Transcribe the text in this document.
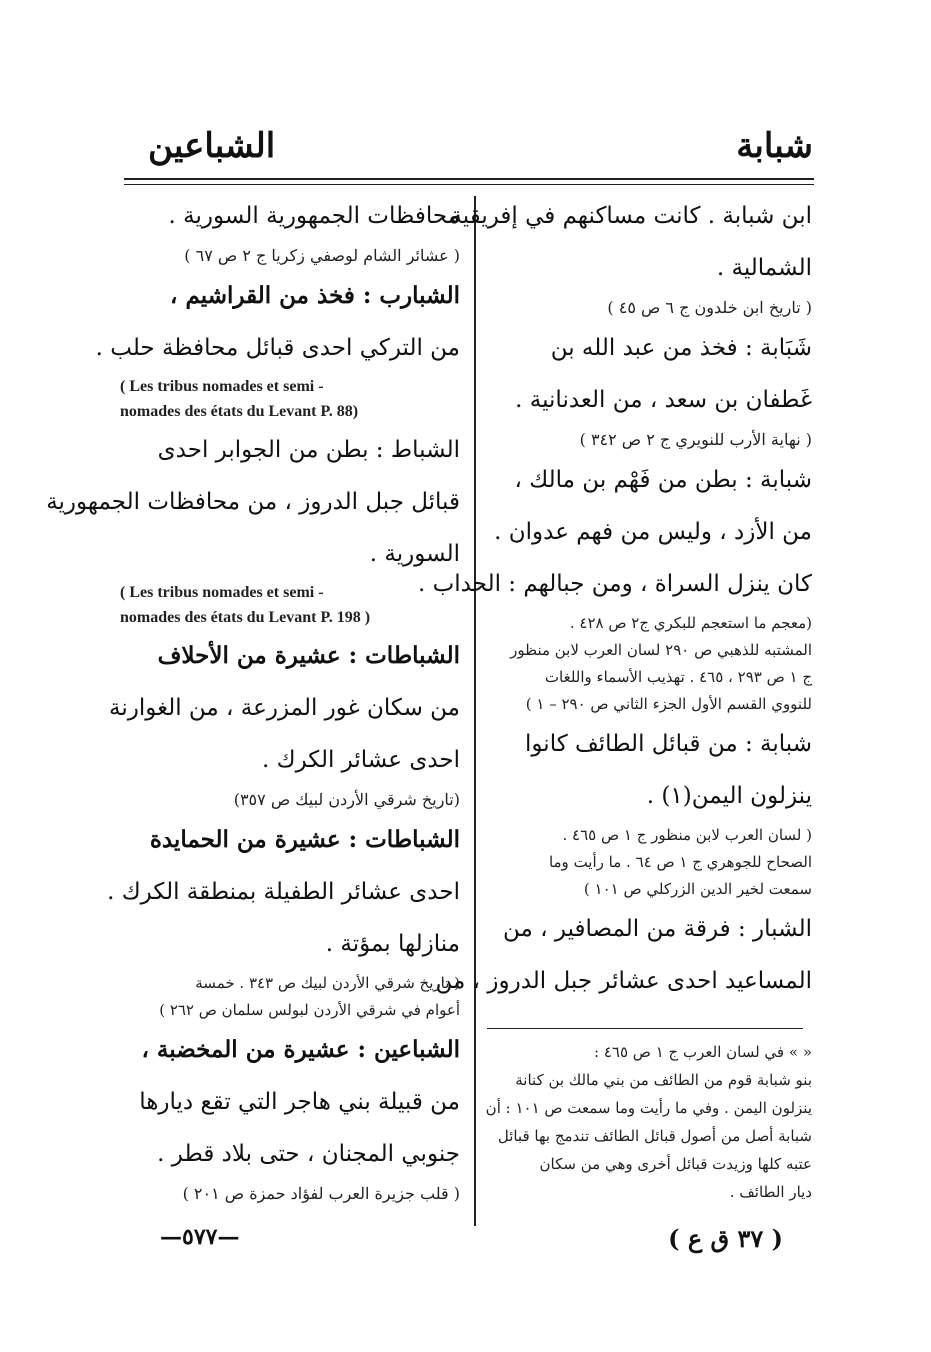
شبابة
الشباعين
ابن شبابة . كانت مساكنهم في إفريقية
الشمالية .
( تاريخ ابن خلدون ج ٦ ص ٤٥ )
شَبَابة : فخذ من عبد الله بن
غَطفان بن سعد ، من العدنانية .
( نهاية الأرب للنويري ج ٢ ص ٣٤٢ )
شبابة : بطن من فَهْم بن مالك ،
من الأزد ، وليس من فهم عدوان .
كان ينزل السراة ، ومن جبالهم : الحداب .
(معجم ما استعجم للبكري ج٢ ص ٤٢٨ .
المشتبه للذهبي ص ٢٩٠ لسان العرب لابن منظور
ج ١ ص ٢٩٣ ، ٤٦٥ . تهذيب الأسماء واللغات
للنووي القسم الأول الجزء الثاني ص ٢٩٠ – ١ )
شبابة : من قبائل الطائف كانوا
ينزلون اليمن(١) .
( لسان العرب لابن منظور ج ١ ص ٤٦٥ .
الصحاح للجوهري ج ١ ص ٦٤ . ما رأيت وما
سمعت لخير الدين الزركلي ص ١٠١ )
الشبار : فرقة من المصافير ، من
المساعيد احدى عشائر جبل الدروز ، من
« » في لسان العرب ج ١ ص ٤٦٥ :
بنو شبابة قوم من الطائف من بني مالك بن كنانة
ينزلون اليمن . وفي ما رأيت وما سمعت ص ١٠١ : أن
شبابة أصل من أصول قبائل الطائف تندمج بها قبائل
عتبه كلها وزيدت قبائل أخرى وهي من سكان
ديار الطائف .
محافظات الجمهورية السورية .
( عشائر الشام لوصفي زكريا ج ٢ ص ٦٧ )
الشبارب : فخذ من القراشيم ،
من التركي احدى قبائل محافظة حلب .
( Les tribus nomades et semi -
nomades des états du Levant P. 88)
الشباط : بطن من الجوابر احدى
قبائل جبل الدروز ، من محافظات الجمهورية
السورية .
( Les tribus nomades et semi -
nomades des états du Levant P. 198 )
الشباطات : عشيرة من الأحلاف
من سكان غور المزرعة ، من الغوارنة
احدى عشائر الكرك .
(تاريخ شرقي الأردن لبيك ص ٣٥٧)
الشباطات : عشيرة من الحمايدة
احدى عشائر الطفيلة بمنطقة الكرك .
منازلها بمؤتة .
( تاريخ شرقي الأردن لبيك ص ٣٤٣ . خمسة
أعوام في شرقي الأردن لبولس سلمان ص ٢٦٢ )
الشباعين : عشيرة من المخضبة ،
من قبيلة بني هاجر التي تقع ديارها
جنوبي المجنان ، حتى بلاد قطر .
( قلب جزيرة العرب لفؤاد حمزة ص ٢٠١ )
—٥٧٧—	( ٣٧ ق ع )
